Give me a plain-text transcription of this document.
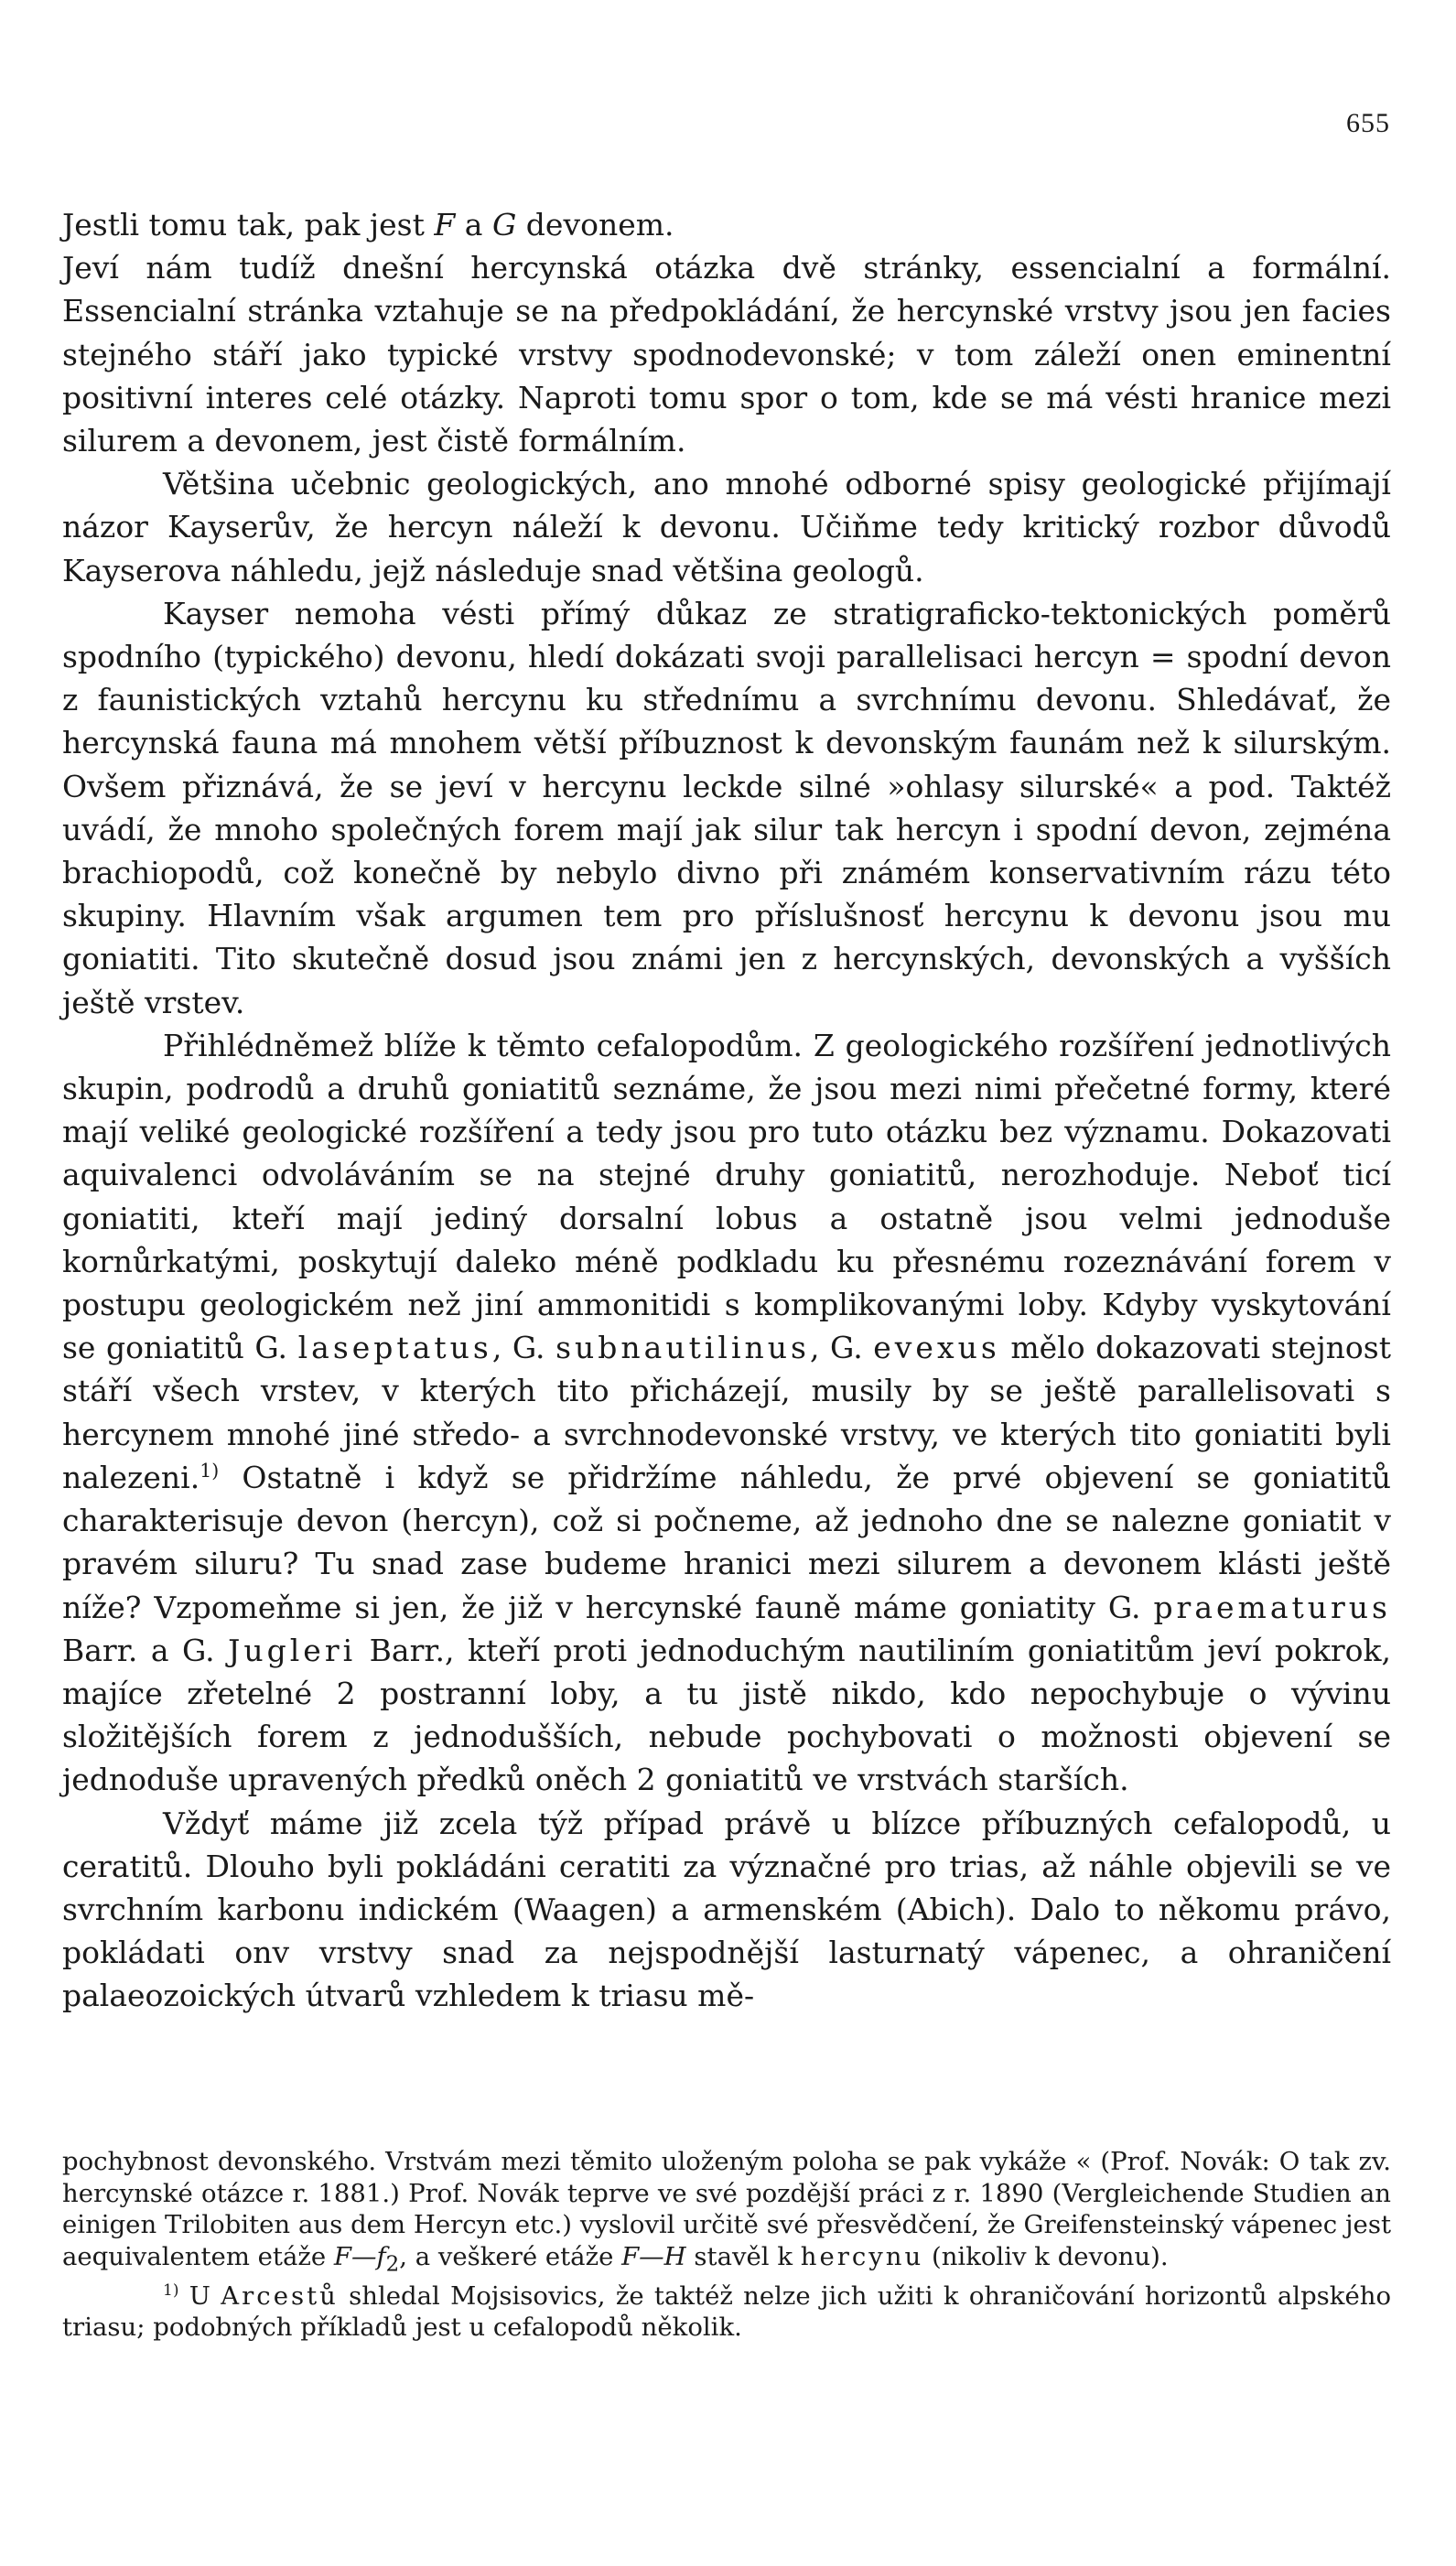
655

Jestli tomu tak, pak jest F a G devonem.

Jeví nám tudíž dnešní hercynská otázka dvě stránky, essencialní a formální. Essencialní stránka vztahuje se na předpokládání, že hercynské vrstvy jsou jen facies stejného stáří jako typické vrstvy spodnodevonské; v tom záleží onen eminentní positivní interes celé otázky. Naproti tomu spor o tom, kde se má vésti hranice mezi silurem a devonem, jest čistě formálním.

Většina učebnic geologických, ano mnohé odborné spisy geologické přijímají názor Kayserův, že hercyn náleží k devonu. Učiňme tedy kritický rozbor důvodů Kayserova náhledu, jejž následuje snad většina geologů.

Kayser nemoha vésti přímý důkaz ze stratigraficko-tektonických poměrů spodního (typického) devonu, hledí dokázati svoji parallelisaci hercyn = spodní devon z faunistických vztahů hercynu ku střednímu a svrchnímu devonu. Shledávať, že hercynská fauna má mnohem větší příbuznost k devonským faunám než k silurským. Ovšem přiznává, že se jeví v hercynu leckde silné »ohlasy silurské« a pod. Taktéž uvádí, že mnoho společných forem mají jak silur tak hercyn i spodní devon, zejména brachiopodů, což konečně by nebylo divno při známém konservativním rázu této skupiny. Hlavním však argumen tem pro příslušnosť hercynu k devonu jsou mu goniatiti. Tito skutečně dosud jsou známi jen z hercynských, devonských a vyšších ještě vrstev.

Přihlédněmež blíže k těmto cefalopodům. Z geologického rozšíření jednotlivých skupin, podrodů a druhů goniatitů seznáme, že jsou mezi nimi přečetné formy, které mají veliké geologické rozšíření a tedy jsou pro tuto otázku bez významu. Dokazovati aquivalenci odvoláváním se na stejné druhy goniatitů, nerozhoduje. Neboť ticí goniatiti, kteří mají jediný dorsalní lobus a ostatně jsou velmi jednoduše kornůrkatými, poskytují daleko méně podkladu ku přesnému rozeznávání forem v postupu geologickém než jiní ammonitidi s komplikovanými loby. Kdyby vyskytování se goniatitů G. laseptatus, G. subnautilinus, G. evexus mělo dokazovati stejnost stáří všech vrstev, v kterých tito přicházejí, musily by se ještě parallelisovati s hercynem mnohé jiné středo- a svrchnodevonské vrstvy, ve kterých tito goniatiti byli nalezeni.$^{1)}$ Ostatně i když se přidržíme náhledu, že prvé objevení se goniatitů charakterisuje devon (hercyn), což si počneme, až jednoho dne se nalezne goniatit v pravém siluru? Tu snad zase budeme hranici mezi silurem a devonem klásti ještě níže? Vzpomeňme si jen, že již v hercynské fauně máme goniatity G. praematurus Barr. a G. Jugleri Barr., kteří proti jednoduchým nautiliním goniatitům jeví pokrok, majíce zřetelné 2 postranní loby, a tu jistě nikdo, kdo nepochybuje o vývinu složitějších forem z jednodušších, nebude pochybovati o možnosti objevení se jednoduše upravených předků oněch 2 goniatitů ve vrstvách starších.

Vždyť máme již zcela týž případ právě u blízce příbuzných cefalopodů, u ceratitů. Dlouho byli pokládáni ceratiti za význačné pro trias, až náhle objevili se ve svrchním karbonu indickém (Waagen) a armenském (Abich). Dalo to někomu právo, pokládati onv vrstvy snad za nejspodnější lasturnatý vápenec, a ohraničení palaeozoických útvarů vzhledem k triasu mě-

pochybnost devonského. Vrstvám mezi těmito uloženým poloha se pak vykáže « (Prof. Novák: O tak zv. hercynské otázce r. 1881.) Prof. Novák teprve ve své pozdější práci z r. 1890 (Vergleichende Studien an einigen Trilobiten aus dem Hercyn etc.) vyslovil určitě své přesvědčení, že Greifensteinský vápenec jest aequivalentem etáže $F—f_2$, a veškeré etáže F—H stavěl k hercynu (nikoliv k devonu).

$^{1)}$ U Arcestů shledal Mojsisovics, že taktéž nelze jich užiti k ohraničování horizontů alpského triasu; podobných příkladů jest u cefalopodů několik.
